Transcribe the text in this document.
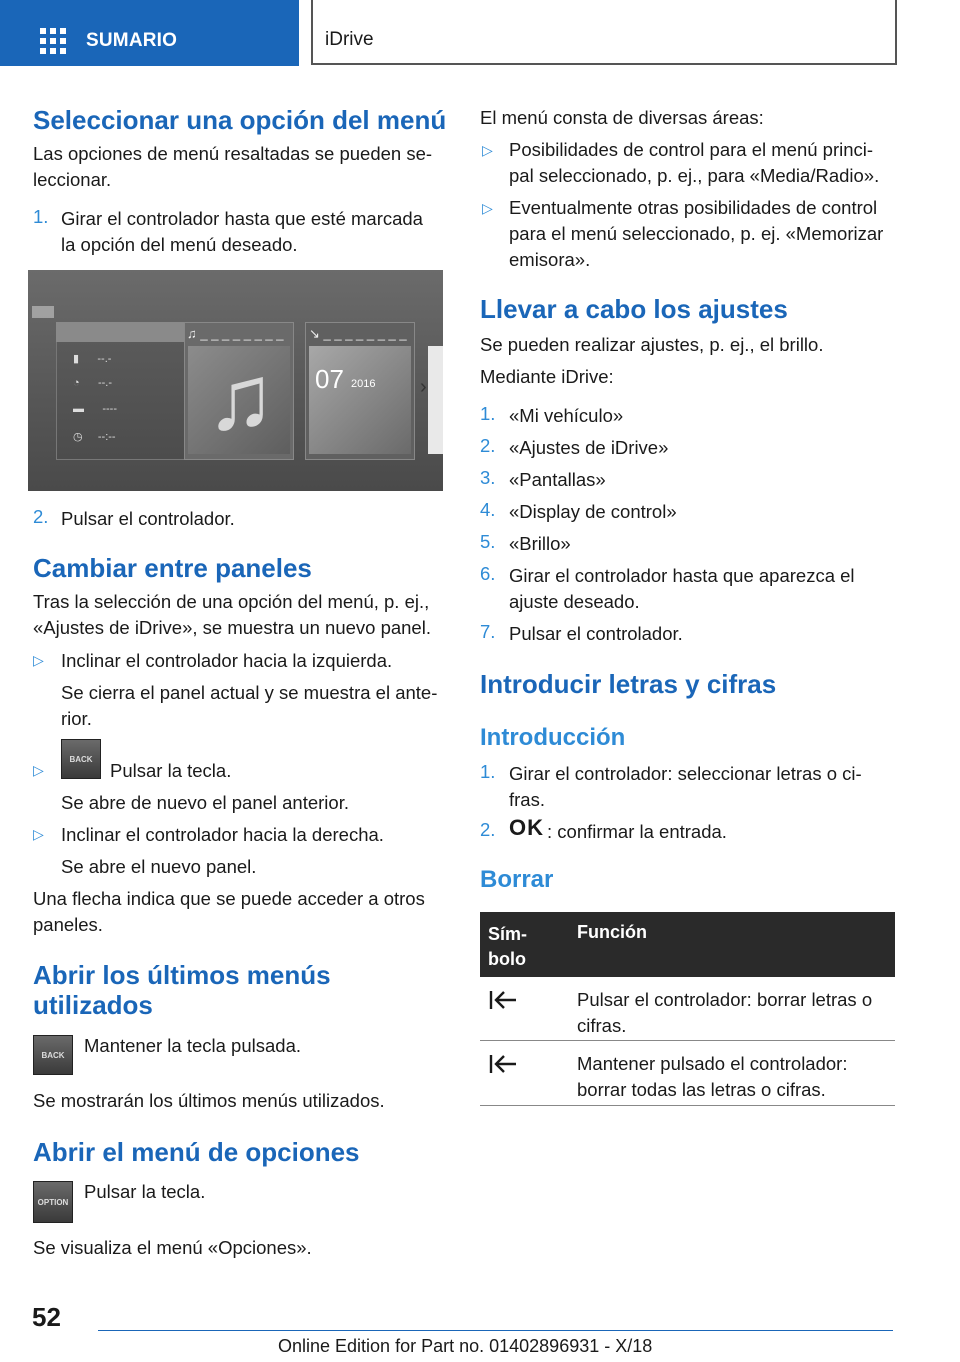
SUMARIO	iDrive
Seleccionar una opción del menú

Las opciones de menú resaltadas se pueden se- leccionar.

1. Girar el controlador hasta que esté marcada la opción del menú deseado.

▮      --.-
◔      --.-
▬      ----
◷     --:--
♫ _ _ _ _ _ _ _ _
♫
↘ _ _ _ _ _ _ _ _
07 2016 ›
2. Pulsar el controlador.

Cambiar entre paneles

Tras la selección de una opción del menú, p. ej., «Ajustes de iDrive», se muestra un nuevo panel.

▷ Inclinar el controlador hacia la izquierda.

Se cierra el panel actual y se muestra el ante- rior.

▷
BACK

Pulsar la tecla.

Se abre de nuevo el panel anterior.

▷ Inclinar el controlador hacia la derecha.

Se abre el nuevo panel.

Una flecha indica que se puede acceder a otros paneles.

Abrir los últimos menús
utilizados
BACK Mantener la tecla pulsada.

Se mostrarán los últimos menús utilizados.

Abrir el menú de opciones
OPTION Pulsar la tecla.

Se visualiza el menú «Opciones».

El menú consta de diversas áreas:

▷ Posibilidades de control para el menú princi- pal seleccionado, p. ej., para «Media/Radio».

▷ Eventualmente otras posibilidades de control para el menú seleccionado, p. ej. «Memorizar emisora».

Llevar a cabo los ajustes

Se pueden realizar ajustes, p. ej., el brillo.

Mediante iDrive:

1. «Mi vehículo»

2. «Ajustes de iDrive»

3. «Pantallas»

4. «Display de control»

5. «Brillo»

6. Girar el controlador hasta que aparezca el ajuste deseado.

7. Pulsar el controlador.

Introducir letras y cifras
Introducción
1. Girar el controlador: seleccionar letras o ci- fras.

2. OK : confirmar la entrada.

Borrar
Sím- bolo
Función
Pulsar el controlador: borrar letras o cifras.
Mantener pulsado el controlador: borrar todas las letras o cifras.
52
Online Edition for Part no. 01402896931 - X/18
